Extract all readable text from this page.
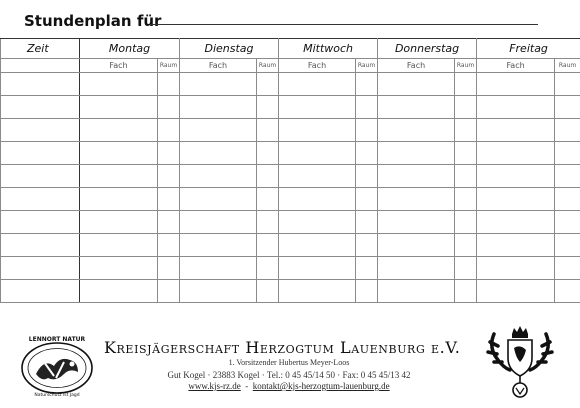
Stundenplan für
Zeit	Montag		Dienstag		Mittwoch		Donnerstag		Freitag	
	Fach	Raum	Fach	Raum	Fach	Raum	Fach	Raum	Fach	Raum

LENNORT NATUR
Naturschutz ist Jagd
Kreisjägerschaft Herzogtum Lauenburg e.V.
1. Vorsitzender Hubertus Meyer-Loos
Gut Kogel · 23883 Kogel · Tel.: 0 45 45/14 50 · Fax: 0 45 45/13 42
www.kjs-rz.de - kontakt@kjs-herzogtum-lauenburg.de
